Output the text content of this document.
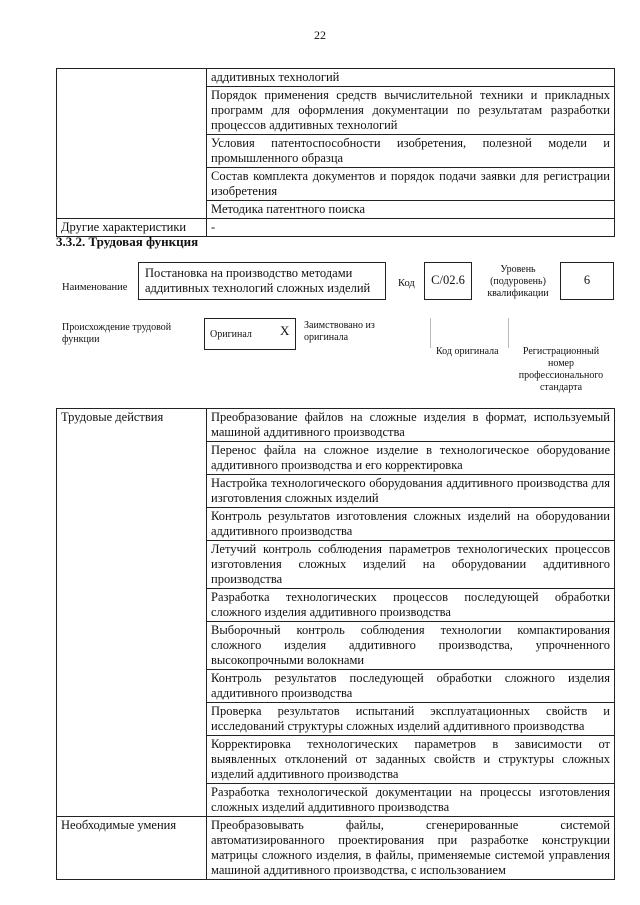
22
	аддитивных технологий
	Порядок применения средств вычислительной техники и прикладных программ для оформления документации по результатам разработки процессов аддитивных технологий
	Условия патентоспособности изобретения, полезной модели и промышленного образца
	Состав комплекта документов и порядок подачи заявки для регистрации изобретения
	Методика патентного поиска
Другие характеристики	-
3.3.2. Трудовая функция
Наименование
Постановка на производство методами аддитивных технологий сложных изделий	Код	С/02.6
Уровень (подуровень) квалификации
6
Происхождение трудовой функции	Оригинал X Заимствовано из оригинала
Код оригинала	Регистрационный номер профессионального стандарта
Трудовые действия	Преобразование файлов на сложные изделия в формат, используемый машиной аддитивного производства
	Перенос файла на сложное изделие в технологическое оборудование аддитивного производства и его корректировка
	Настройка технологического оборудования аддитивного производства для изготовления сложных изделий
	Контроль результатов изготовления сложных изделий на оборудовании аддитивного производства
	Летучий контроль соблюдения параметров технологических процессов изготовления сложных изделий на оборудовании аддитивного производства
	Разработка технологических процессов последующей обработки сложного изделия аддитивного производства
	Выборочный контроль соблюдения технологии компактирования сложного изделия аддитивного производства, упрочненного высокопрочными волокнами
	Контроль результатов последующей обработки сложного изделия аддитивного производства
	Проверка результатов испытаний эксплуатационных свойств и исследований структуры сложных изделий аддитивного производства
	Корректировка технологических параметров в зависимости от выявленных отклонений от заданных свойств и структуры сложных изделий аддитивного производства
	Разработка технологической документации на процессы изготовления сложных изделий аддитивного производства
Необходимые умения	Преобразовывать файлы, сгенерированные системой автоматизированного проектирования при разработке конструкции матрицы сложного изделия, в файлы, применяемые системой управления машиной аддитивного производства, с использованием
